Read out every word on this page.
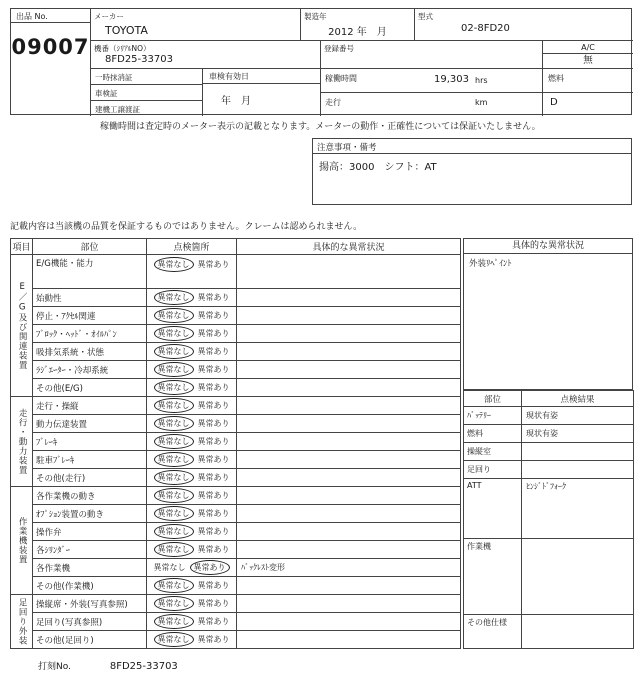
出品 No.
09007
メーカー
TOYOTA
製造年
2012 年　月
型式
02-8FD20
機番（ｼﾘｱﾙNO）
8FD25-33703
登録番号	A/C
無
一時抹消証
車検証
建機工譲渡証
車検有効日
年　月
稼働時間	19,303 hrs
走行	km
燃料
D
稼働時間は査定時のメーター表示の記載となります。メーターの動作・正確性については保証いたしません。
注意事項・備考
揚高：3000　シフト：AT
記載内容は当該機の品質を保証するものではありません。クレームは認められません。
項目	部位	点検箇所	具体的な異常状況

E／G及び関連装置	E/G機能・能力	異常なし 異常あり	
	始動性	異常なし 異常あり	
	停止・ｱｸｾﾙ関連	異常なし 異常あり	
	ﾌﾞﾛｯｸ・ﾍｯﾄﾞ・ｵｲﾙﾊﾟﾝ	異常なし 異常あり	
	吸排気系統・状態	異常なし 異常あり	
	ﾗｼﾞｴｰﾀｰ・冷却系統	異常なし 異常あり	
	その他(E/G)	異常なし 異常あり	

走行・動力装置	走行・操縦	異常なし 異常あり	
	動力伝達装置	異常なし 異常あり	
	ﾌﾞﾚｰｷ	異常なし 異常あり	
	駐車ﾌﾞﾚｰｷ	異常なし 異常あり	
	その他(走行)	異常なし 異常あり	

作業機装置	各作業機の動き	異常なし 異常あり	
	ｵﾌﾟｼｮﾝ装置の動き	異常なし 異常あり	
	操作弁	異常なし 異常あり	
	各ｼﾘﾝﾀﾞｰ	異常なし 異常あり	
	各作業機	異常なし 異常あり	ﾊﾞｯｸﾚｽﾄ変形
	その他(作業機)	異常なし 異常あり	

足回り外装	操縦席・外装(写真参照)	異常なし 異常あり	
	足回り(写真参照)	異常なし 異常あり	
	その他(足回り)	異常なし 異常あり	
具体的な異常状況
外装ﾘﾍﾟｲﾝﾄ
部位	点検結果
ﾊﾞｯﾃﾘｰ	現状有姿
燃料	現状有姿
操縦室	
足回り	
ATT	ﾋﾝｼﾞﾄﾞﾌｫｰｸ
作業機	
その他仕様	
打刻No.	8FD25-33703
